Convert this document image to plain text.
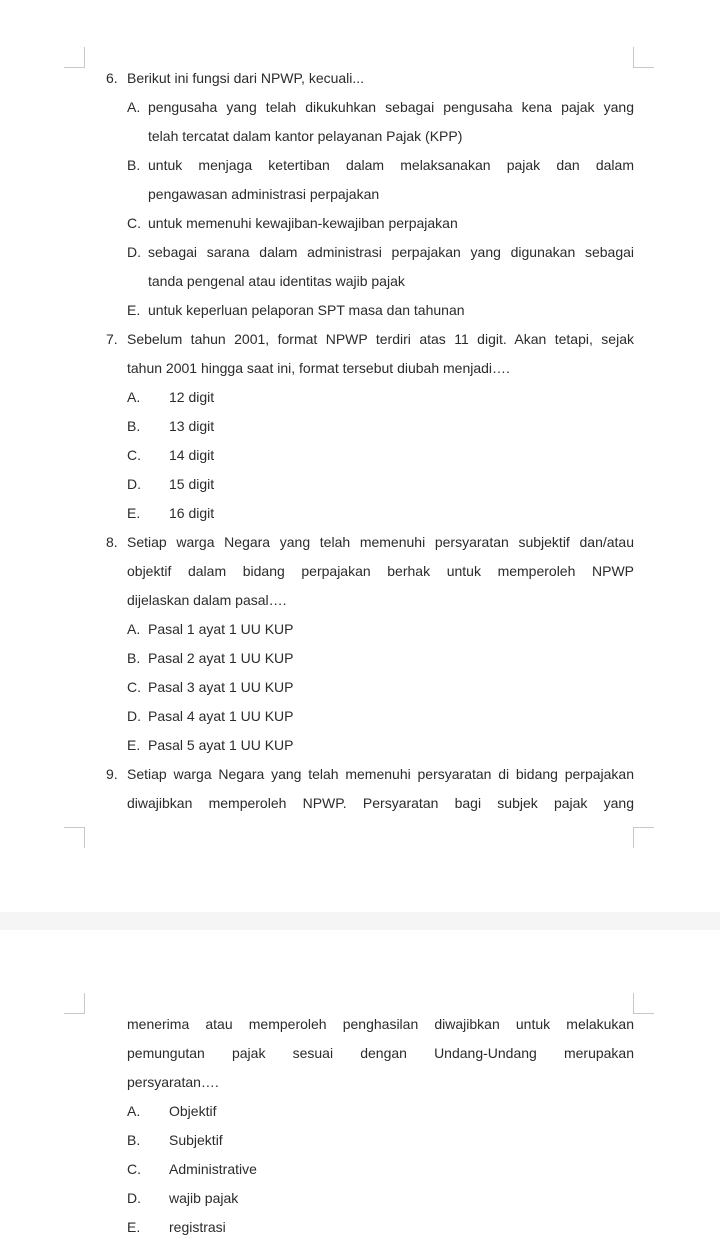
6. Berikut ini fungsi dari NPWP, kecuali...
A. pengusaha yang telah dikukuhkan sebagai pengusaha kena pajak yang
telah tercatat dalam kantor pelayanan Pajak (KPP)
B. untuk menjaga ketertiban dalam melaksanakan pajak dan dalam
pengawasan administrasi perpajakan
C. untuk memenuhi kewajiban-kewajiban perpajakan
D. sebagai sarana dalam administrasi perpajakan yang digunakan sebagai
tanda pengenal atau identitas wajib pajak
E. untuk keperluan pelaporan SPT masa dan tahunan
7. Sebelum tahun 2001, format NPWP terdiri atas 11 digit. Akan tetapi, sejak
tahun 2001 hingga saat ini, format tersebut diubah menjadi….
A.	12 digit
B.	13 digit
C.	14 digit
D.	15 digit
E.	16 digit
8. Setiap warga Negara yang telah memenuhi persyaratan subjektif dan/atau
objektif dalam bidang perpajakan berhak untuk memperoleh NPWP
dijelaskan dalam pasal….
A. Pasal 1 ayat 1 UU KUP
B. Pasal 2 ayat 1 UU KUP
C. Pasal 3 ayat 1 UU KUP
D. Pasal 4 ayat 1 UU KUP
E. Pasal 5 ayat 1 UU KUP
9. Setiap warga Negara yang telah memenuhi persyaratan di bidang perpajakan
diwajibkan memperoleh NPWP. Persyaratan bagi subjek pajak yang
menerima atau memperoleh penghasilan diwajibkan untuk melakukan
pemungutan pajak sesuai dengan Undang-Undang merupakan
persyaratan….
A.	Objektif
B.	Subjektif
C.	Administrative
D.	wajib pajak
E.	registrasi
